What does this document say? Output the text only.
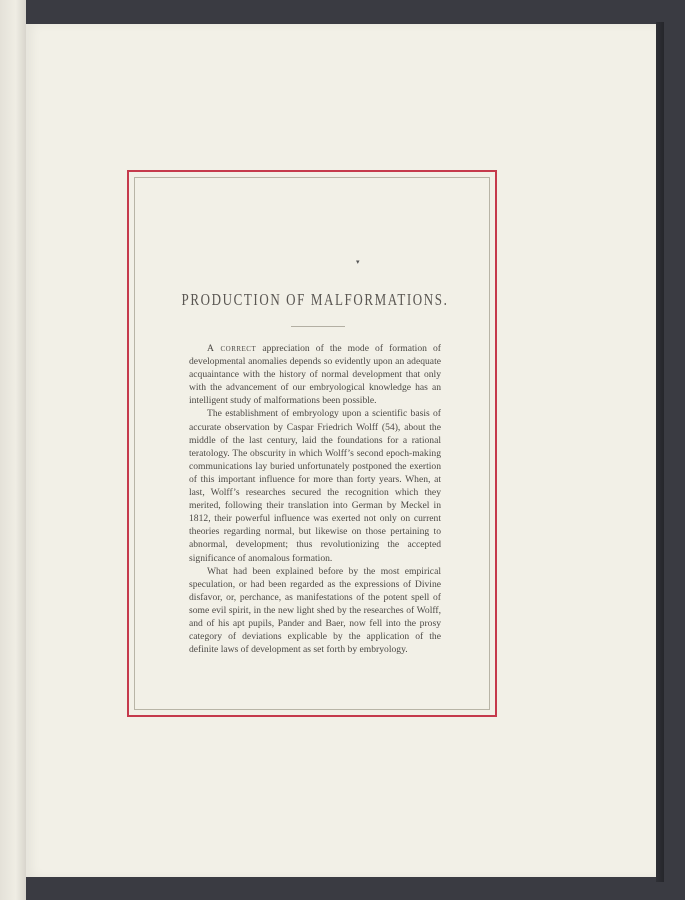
▾
PRODUCTION OF MALFORMATIONS.

A correct appreciation of the mode of formation of developmental anomalies depends so evidently upon an adequate acquaintance with the history of normal development that only with the advancement of our embryological knowledge has an intelligent study of malformations been possible.

The establishment of embryology upon a scientific basis of accurate observation by Caspar Friedrich Wolff (54), about the middle of the last century, laid the foundations for a rational teratology. The obscurity in which Wolff’s second epoch-making communications lay buried unfortunately postponed the exertion of this important influence for more than forty years. When, at last, Wolff’s researches secured the recognition which they merited, following their translation into German by Meckel in 1812, their powerful influence was exerted not only on current theories regarding normal, but likewise on those pertaining to abnormal, development; thus revolutionizing the accepted significance of anomalous formation.

What had been explained before by the most empirical speculation, or had been regarded as the expressions of Divine disfavor, or, perchance, as manifestations of the potent spell of some evil spirit, in the new light shed by the researches of Wolff, and of his apt pupils, Pander and Baer, now fell into the prosy category of deviations explicable by the application of the definite laws of development as set forth by embryology.
